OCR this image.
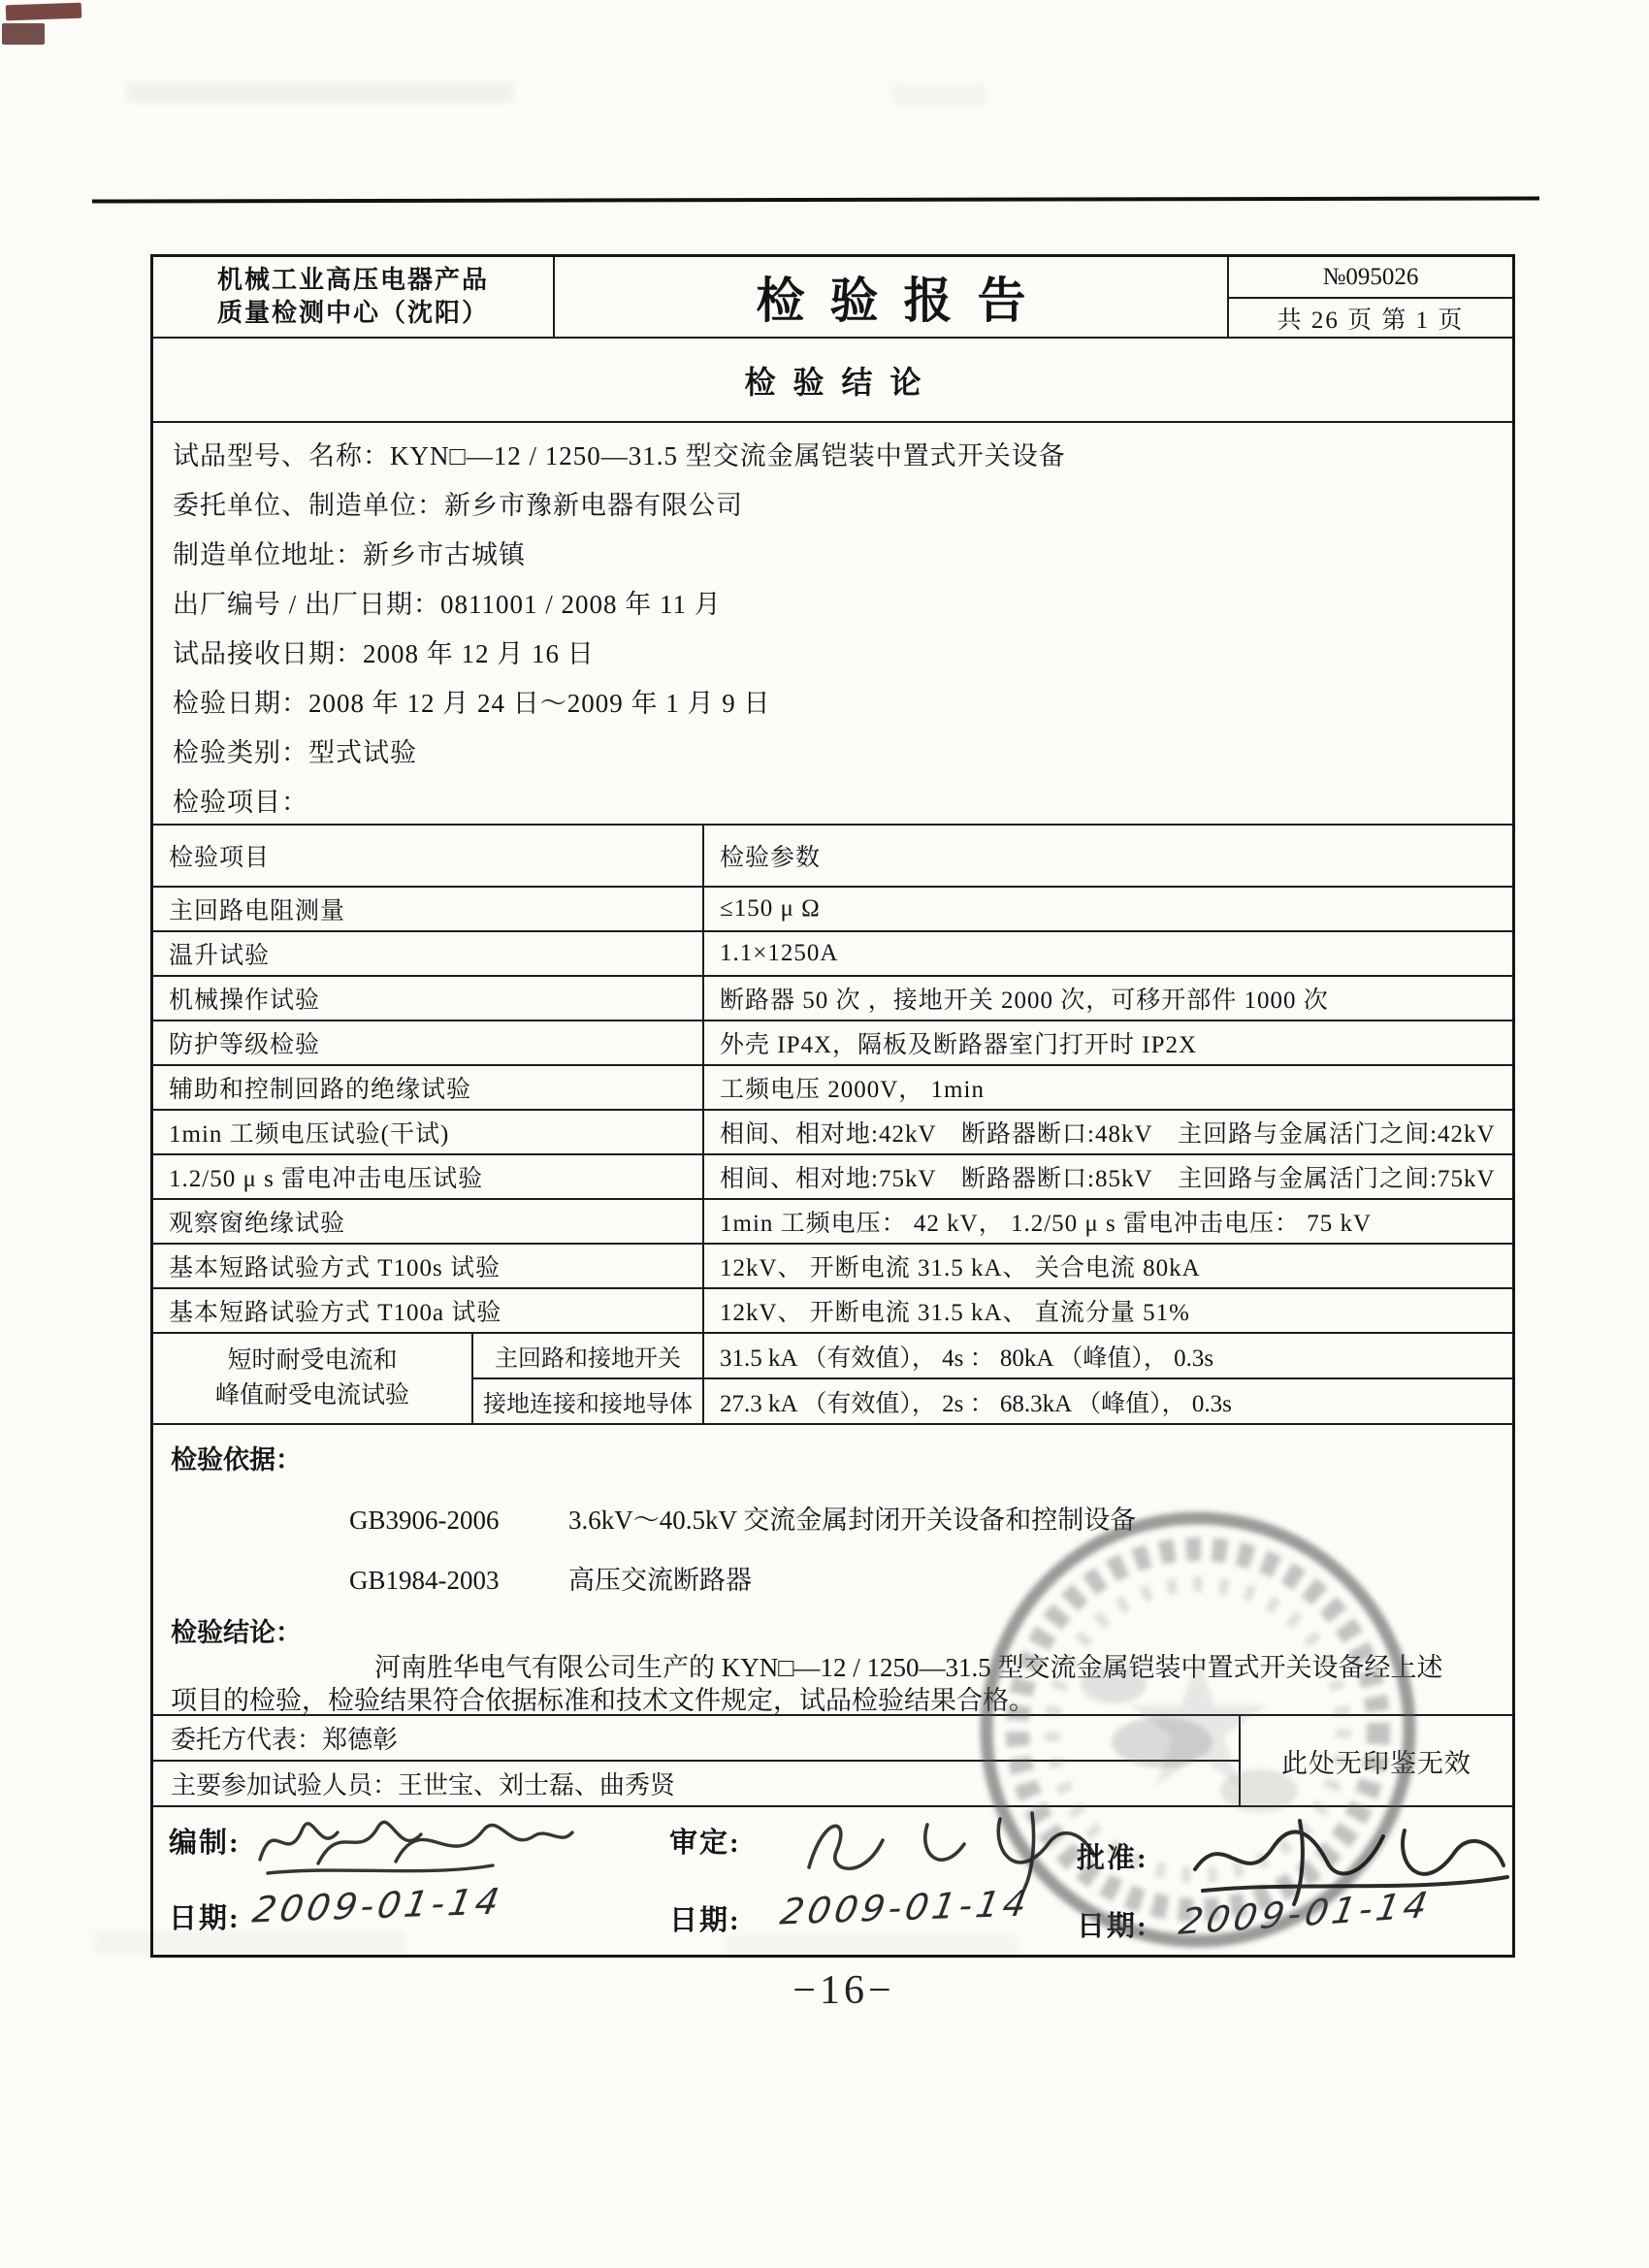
机械工业高压电器产品
质量检测中心（沈阳）	检验报告	№095026
共 26 页 第 1 页
检验结论
试品型号、名称： KYN□—12 / 1250—31.5 型交流金属铠装中置式开关设备
委托单位、制造单位： 新乡市豫新电器有限公司
制造单位地址： 新乡市古城镇
出厂编号 / 出厂日期： 0811001 / 2008 年 11 月
试品接收日期： 2008 年 12 月 16 日
检验日期： 2008 年 12 月 24 日～2009 年 1 月 9 日
检验类别： 型式试验
检验项目：
检验项目	检验参数
主回路电阻测量	≤150 μ Ω
温升试验	1.1×1250A
机械操作试验	断路器 50 次 ，接地开关 2000 次，可移开部件 1000 次
防护等级检验	外壳 IP4X，隔板及断路器室门打开时 IP2X
辅助和控制回路的绝缘试验	工频电压 2000V， 1min
1min 工频电压试验(干试)	相间、相对地:42kV　断路器断口:48kV　主回路与金属活门之间:42kV
1.2/50 μ s 雷电冲击电压试验	相间、相对地:75kV　断路器断口:85kV　主回路与金属活门之间:75kV
观察窗绝缘试验	1min 工频电压： 42 kV， 1.2/50 μ s 雷电冲击电压： 75 kV
基本短路试验方式 T100s 试验	12kV、 开断电流 31.5 kA、 关合电流 80kA
基本短路试验方式 T100a 试验	12kV、 开断电流 31.5 kA、 直流分量 51%
短时耐受电流和
峰值耐受电流试验
主回路和接地开关	31.5 kA （有效值）， 4s ： 80kA （峰值）， 0.3s
接地连接和接地导体	27.3 kA （有效值）， 2s ： 68.3kA （峰值）， 0.3s
检验依据：
GB3906-2006	3.6kV～40.5kV 交流金属封闭开关设备和控制设备
GB1984-2003	高压交流断路器
检验结论：
河南胜华电气有限公司生产的 KYN□—12 / 1250—31.5 型交流金属铠装中置式开关设备经上述
项目的检验，检验结果符合依据标准和技术文件规定，试品检验结果合格。
委托方代表： 郑德彰
主要参加试验人员： 王世宝、刘士磊、曲秀贤
此处无印鉴无效
编制:	审定:	批准:
日期: 2009-01-14	日期: 2009-01-14 日期: 2009-01-14
−16−
